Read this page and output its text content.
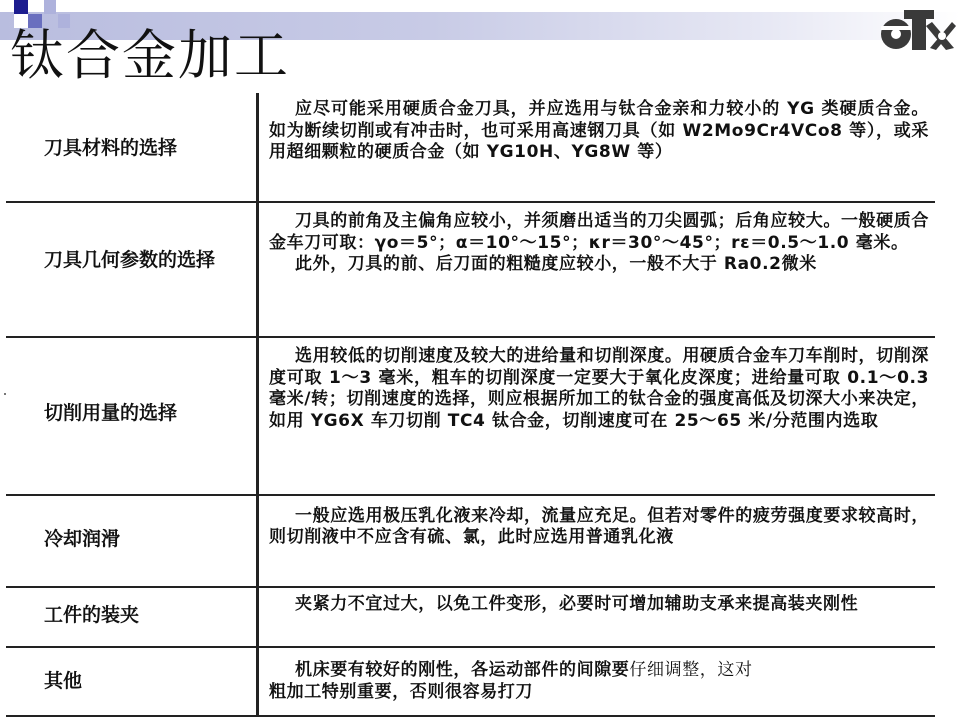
钛合金加工
刀具材料的选择	应尽可能采用硬质合金刀具，并应选用与钛合金亲和力较小的 YG 类硬质合金。如为断续切削或有冲击时，也可采用高速钢刀具（如 W2Mo9Cr4VCo8 等），或采用超细颗粒的硬质合金（如 YG10H、YG8W 等）

刀具几何参数的选择	刀具的前角及主偏角应较小，并须磨出适当的刀尖圆弧；后角应较大。一般硬质合金车刀可取：γo＝5°；α＝10°～15°；κr＝30°～45°；rε＝0.5～1.0 毫米。
此外，刀具的前、后刀面的粗糙度应较小，一般不大于 Ra0.2微米

切削用量的选择	选用较低的切削速度及较大的进给量和切削深度。用硬质合金车刀车削时，切削深度可取 1～3 毫米，粗车的切削深度一定要大于氧化皮深度；进给量可取 0.1～0.3 毫米/转；切削速度的选择，则应根据所加工的钛合金的强度高低及切深大小来决定，如用 YG6X 车刀切削 TC4 钛合金，切削速度可在 25～65 米/分范围内选取

冷却润滑	一般应选用极压乳化液来冷却，流量应充足。但若对零件的疲劳强度要求较高时，则切削液中不应含有硫、氯，此时应选用普通乳化液

工件的装夹	夹紧力不宜过大，以免工件变形，必要时可增加辅助支承来提高装夹刚性

其他	机床要有较好的刚性，各运动部件的间隙要仔细调整，这对
粗加工特别重要，否则很容易打刀
